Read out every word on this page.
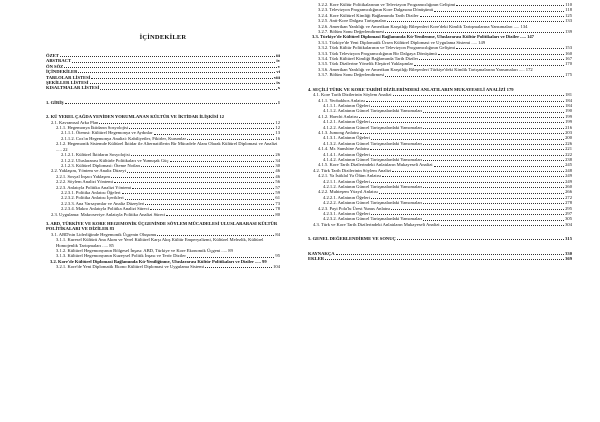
İÇİNDEKİLER
ÖZET	iii
ABSTRACT	iv
ÖN SÖZ	v
İÇİNDEKİLER	vi
TABLOLAR LİSTESİ	viii
ŞEKİLLER LİSTESİ	ix
KISALTMALAR LİSTESİ	x
1. GİRİŞ	1
2. KÜ YEREL ÇAĞDA YENİDEN YORUMLANAN KÜLTÜR VE İKTİDAR İLİŞKİSİ 12
2.1. Kavramsal Arka Plan	12
2.1.1. Hegemonya İktidarın Sosyolojisi	12
2.1.1.1. Ötemsi: Kültürel Hegemonya ve Aydınlar	13
2.1.1.2. Cox'ın Hegemonya Analizi: Kabiliyetler, Fikirler, Kurumlar	16
2.1.2. Hegemonik Sistemde Kültürel İktidar ile Alternatiflerin Bir Mücadele Alanı Olarak Kültürel Diplomasi ve Analizi ..... 22
2.1.2.1. Kültürel İktidarın Sosyolojisi	26
2.1.2.2. Uluslararası Kültürle Politikaları ve Yumuşak Güç	34
2.1.2.3. Kültürel Diplomasi: Öteme Notları	30
2.2. Yaklaşım, Yöntem ve Analiz Düzeyi	46
2.2.1. Sosyal İnşacı Yaklaşım	46
2.2.2. Söylem Analizi Yöntemi	56
2.2.3. Anlatıyla Politika Analizi Yöntemi	57
2.2.3.1. Politika Anlatısı Öğeleri	59
2.2.3.2. Politika Anlatısı İçerikleri	61
2.2.3.3. Ana Varsayımlar ve Analiz Düzeyleri	73
2.2.3.4. Makro Anlatıyla Politika Analizi Süreci	78
2.3. Uygulama: Makroseviye Anlatıyla Politika Analizi Süreci	80
3. ABD, TÜRKİYE VE KORE HEGEMONİK ÜÇGENİNDE SÖYLEM MÜCADELESİ ULUSLARARASI KÜLTÜR POLİTİKALARI VE DİZİLER 83
3.1. ABD'nin Liderliğinde Hegemonik Üçgenin Oluşumu	84
3.1.1. Kuresel Kültürü Ana Akım ve Yerel Kültürel Karşı Akış Kültür Emperyalizmi, Kültürel Melezlik, Kültürel Homojenlik Tartışmaları ..... 85
3.1.2. Kültürel Hegemonyanın Bölgesel İnşası: ABD, Türkiye ve Kore Ekonomik Üçgeni ..... 89
3.1.3. Kültürel Hegemonyanın Kuzeysel Politik İnşası ve Terör Diziler	95
3.2. Kore'de Kültürel Diplomasi Bağlamında Kü-Yeniliğinme, Uluslararası Kültür Politikaları ve Diziler ..... 99
3.2.1. Kore'de Yeni Diplomatik Ekono Kültürel Diplomasi ve Uygulama Sistemi	104
3.2.2. Kore Kültür Politikalarının ve Televizyon Programcılığının Gelişimi	110
3.2.3. Televizyon Programcılığının Kore Dalgasına Dönüşümü	118
3.2.4. Kore Kültürel Kimliği Bağlamında Tarih Diziler	125
3.2.5. Anti-Kore Dalgası Tartışmaları	133
3.2.6. Amerikan Yanlılığı ve Amerikan Karşıtlığı Bileşenleri Kore'deki Kimlik Tartışmalarına Yansımaları ..... 134
3.2.7. Bölüm Sonu Değerlendirmesi	139
3.3. Türkiye'de Kültürel Diplomasi Bağlamında Kü-Yenilenme, Uluslararası Kültür Politikaları ve Diziler ..... 147
3.3.1. Türkiye'de Yeni Diplomatik Ürsen Kültürel Diplomasi ve Uygulama Sistemi ..... 149
3.3.2. Türk Kültür Politikalarının ve Televizyon Programcılığının Gelişimi	153
3.3.3. Türk Televizyon Programcılığının Bir Dalgaya Dönüşümü	160
3.3.4. Türk Kültürel Kimliği Bağlamında Tarih Diziler	167
3.3.5. Türk Dizilerine Yönelik Eleştirel Yaklaşımlar	170
3.3.6. Amerikan Yanlılığı ve Amerikan Karşıtlığı Bileşenleri Türkiye'deki Kimlik Tartışmalarına Yansımaları ..... 172
3.3.7. Bölüm Sonu Değerlendirmesi	175
4. SEÇİLİ TÜRK VE KORE TARİHİ DİZİLERİNDEKİ ANLATILARIN MUKAYESELİ ANALİZİ 179
4.1. Kore Tarih Dizilerinin Söylem Analizi	181
4.1.1. Yeobakhos Anlatısı	184
4.1.1.1. Anlatının Öğeleri	184
4.1.1.2. Anlatının Güncel Tartışmalardaki Yansımaları	190
4.1.2. Haechi Anlatısı	199
4.1.2.1. Anlatının Öğeleri	199
4.1.2.2. Anlatının Güncel Tartışmalardaki Yansımaları	216
4.1.3. Jumong Anlatısı	203
4.1.3.1. Anlatının Öğeleri	200
4.1.3.2. Anlatının Güncel Tartışmalardaki Yansımaları	226
4.1.4. Mr. Sunshine Anlatısı	221
4.1.4.1. Anlatının Öğeleri	222
4.1.4.2. Anlatının Güncel Tartışmalardaki Yansımaları	238
4.1.5. Kore Tarih Dizilerindeki Anlatıların Mukayeseli Analizi	245
4.2. Türk Tarih Dizilerinin Söylem Analizi	248
4.2.1. Ya İstiklal Ya Ölüm Anlatısı	249
4.2.1.1. Anlatının Öğeleri	249
4.2.1.2. Anlatının Güncel Tartışmalardaki Yansımaları	260
4.2.2. Muhteşem Yüzyıl Anlatısı	266
4.2.2.1. Anlatının Öğeleri	272
4.2.2.2. Anlatının Güncel Tartışmalardaki Yansımaları	278
4.2.3. Payi Pola'lu Ürest Yunus Anlatısı	295
4.2.3.1. Anlatının Öğeleri	297
4.2.3.2. Anlatının Güncel Tartışmalardaki Yansımaları	305
4.3. Türk ve Kore Tarih Dizilerindeki Anlatıların Mukayeseli Analizi	304
5. GENEL DEĞERLENDİRME VE SONUÇ	315
KAYNAKÇA	330
EKLER	369
